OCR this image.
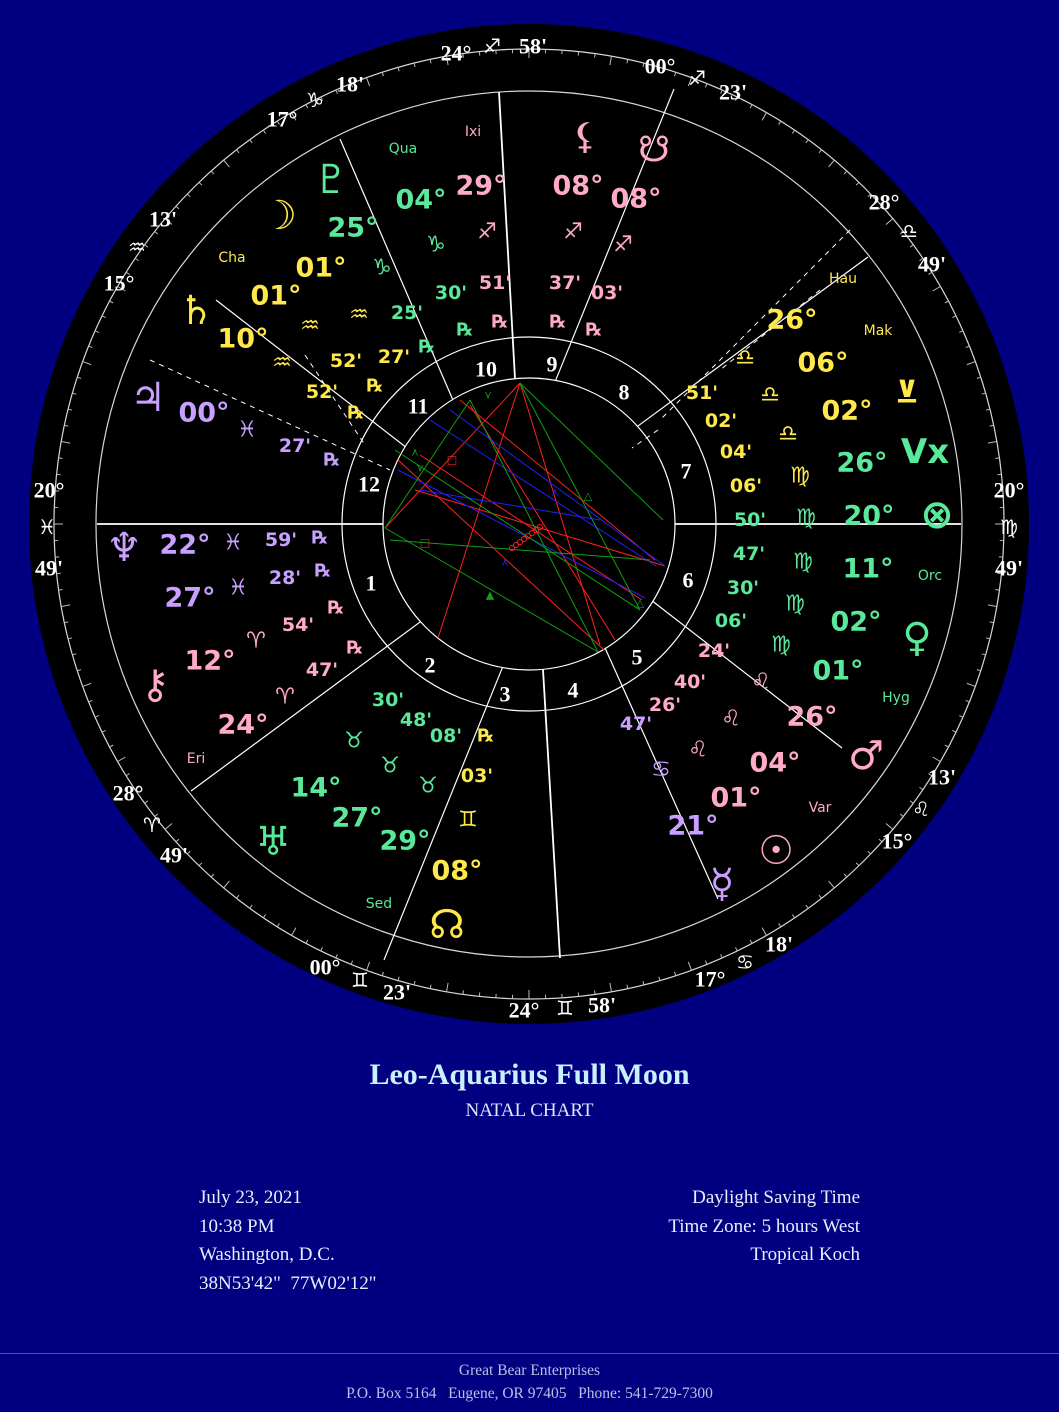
□
□
▲
△
△
⋏
⋏
⋎
⋎
⋏
1
2
3	4
5
6
7
8
9
10
11
12
04°
♑
30'
℞
29°
♐
51'
℞
08°
♐
37'
℞
08°
♐
03'
℞
25°
01° ♑
01°
♒ 25'
♒
℞
10°
52' 27'
♒
℞
52'
℞
00°
♓
27'
℞
22° ♓ 59' ℞
27° ♓ 28' ℞
54'
℞
♈
47'
℞
12°
♈
24°
30'
48'
08' ℞
♉
♉
♉ 03'
14°
27°	♊
29°
08°
47'
26'
40'
24'
♋
♌
♌
♌
21°
01°
04°
26°
06'
30'
47'
50'
06'
04'
02'
51'
♍
♍
♍
♍
♍
♎
♎
♎
01°
02°
11°
20°
26°
02°
06°
26°
20°
♓
49'
28°
♈
49'
00°
♊ 23'
24° ♊ 58'
17°
♋
18'
15°
♌
13'
20°
♍
49'
28°
♎
49'
00° ♐
23'
24° ♐ 58'
17°
♑
18'
15°
♒
13'
♀
♂
☉
☿
☊
♅
♇
☽
♄
♃
♆
⚷
⚸ ☋
⊗
Vx
⊻
Ixi
Qua
Cha
Hau
Mak
Orc
Hyg
Var
Eri
Sed
Leo-Aquarius Full Moon
NATAL CHART
July 23, 2021
10:38 PM
Washington, D.C.
38N53'42"  77W02'12"
Daylight Saving Time
Time Zone: 5 hours West
Tropical Koch
Great Bear Enterprises
P.O. Box 5164   Eugene, OR 97405   Phone: 541-729-7300
